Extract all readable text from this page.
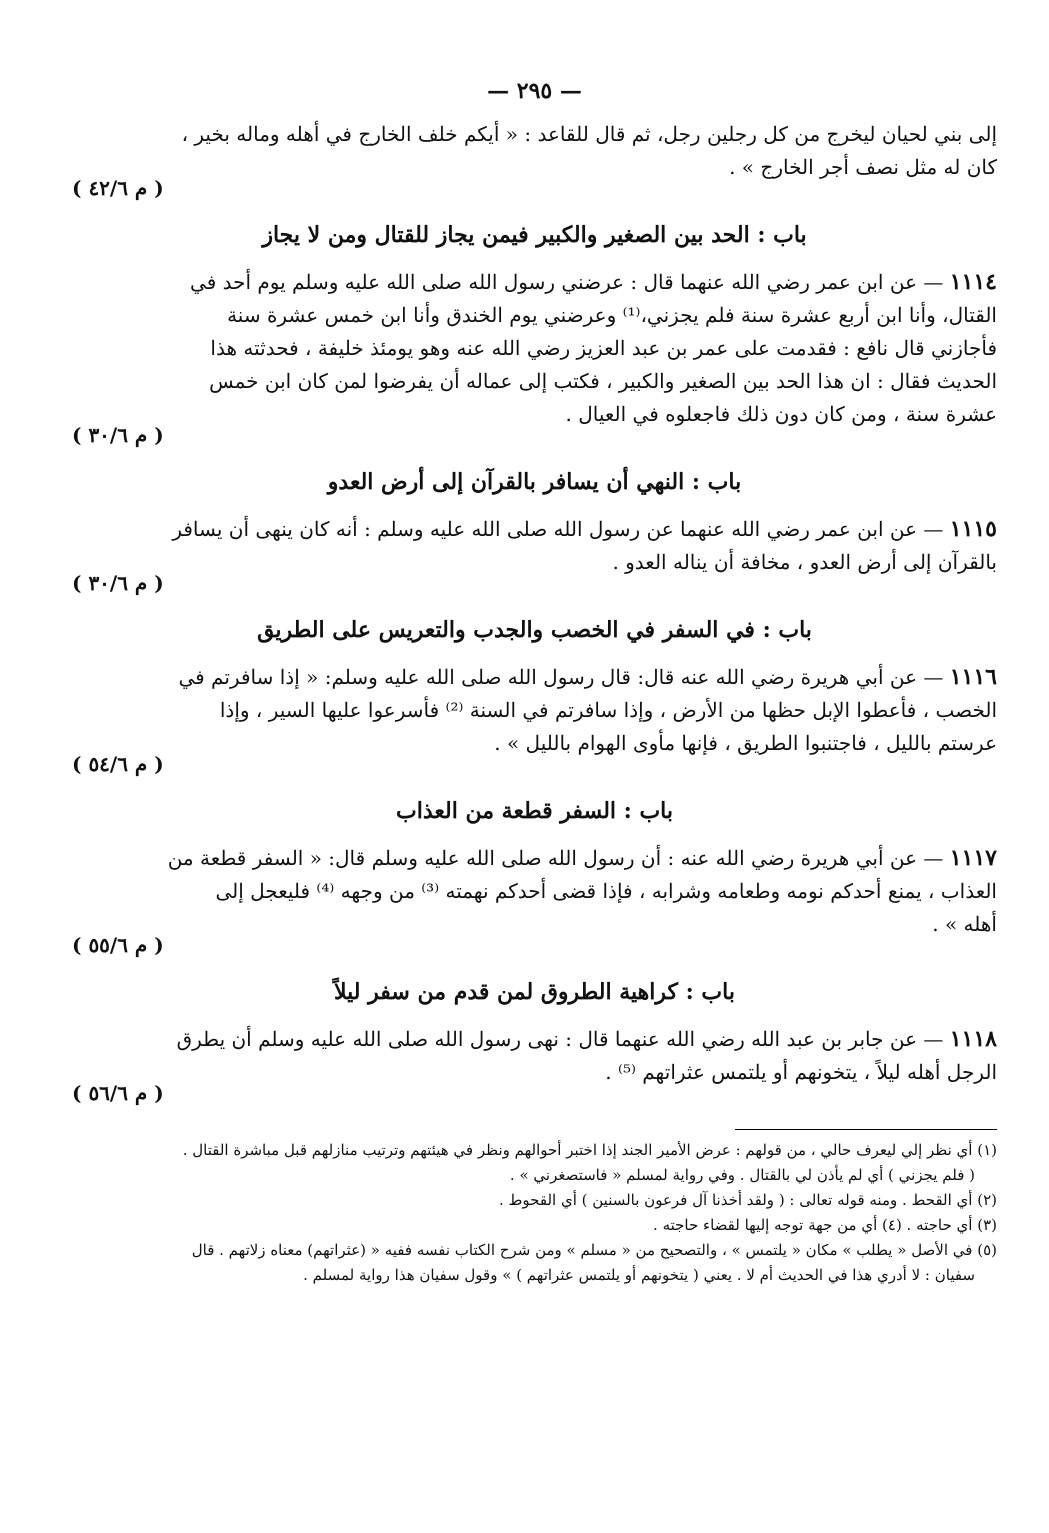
— ٢٩٥ —

إلى بني لحيان ليخرج من كل رجلين رجل، ثم قال للقاعد : « أيكم خلف الخارج في أهله وماله بخير ،

كان له مثل نصف أجر الخارج » .

( م ٤٢/٦ )
باب : الحد بين الصغير والكبير فيمن يجاز للقتال ومن لا يجاز

١١١٤ — عن ابن عمر رضي الله عنهما قال : عرضني رسول الله صلى الله عليه وسلم يوم أحد في

القتال، وأنا ابن أربع عشرة سنة فلم يجزني،⁽¹⁾ وعرضني يوم الخندق وأنا ابن خمس عشرة سنة

فأجازني قال نافع : فقدمت على عمر بن عبد العزيز رضي الله عنه وهو يومئذ خليفة ، فحدثته هذا

الحديث فقال : ان هذا الحد بين الصغير والكبير ، فكتب إلى عماله أن يفرضوا لمن كان ابن خمس

عشرة سنة ، ومن كان دون ذلك فاجعلوه في العيال .

( م ٣٠/٦ )
باب : النهي أن يسافر بالقرآن إلى أرض العدو

١١١٥ — عن ابن عمر رضي الله عنهما عن رسول الله صلى الله عليه وسلم : أنه كان ينهى أن يسافر

بالقرآن إلى أرض العدو ، مخافة أن يناله العدو .

( م ٣٠/٦ )
باب : في السفر في الخصب والجدب والتعريس على الطريق

١١١٦ — عن أبي هريرة رضي الله عنه قال: قال رسول الله صلى الله عليه وسلم: « إذا سافرتم في

الخصب ، فأعطوا الإبل حظها من الأرض ، وإذا سافرتم في السنة ⁽²⁾ فأسرعوا عليها السير ، وإذا

عرستم بالليل ، فاجتنبوا الطريق ، فإنها مأوى الهوام بالليل » .

( م ٥٤/٦ )
باب : السفر قطعة من العذاب

١١١٧ — عن أبي هريرة رضي الله عنه : أن رسول الله صلى الله عليه وسلم قال: « السفر قطعة من

العذاب ، يمنع أحدكم نومه وطعامه وشرابه ، فإذا قضى أحدكم نهمته ⁽³⁾ من وجهه ⁽⁴⁾ فليعجل إلى

أهله » .

( م ٥٥/٦ )
باب : كراهية الطروق لمن قدم من سفر ليلاً

١١١٨ — عن جابر بن عبد الله رضي الله عنهما قال : نهى رسول الله صلى الله عليه وسلم أن يطرق

الرجل أهله ليلاً ، يتخونهم أو يلتمس عثراتهم ⁽⁵⁾ .

( م ٥٦/٦ )

(١) أي نظر إلي ليعرف حالي ، من قولهم : عرض الأمير الجند إذا اختبر أحوالهم ونظر في هيئتهم وترتيب منازلهم قبل مباشرة القتال .

( فلم يجزني ) أي لم يأذن لي بالقتال . وفي رواية لمسلم « فاستصغرني » .

(٢) أي القحط . ومنه قوله تعالى : ( ولقد أخذنا آل فرعون بالسنين ) أي القحوط .

(٣) أي حاجته . (٤) أي من جهة توجه إليها لقضاء حاجته .

(٥) في الأصل « يطلب » مكان « يلتمس » ، والتصحيح من « مسلم » ومن شرح الكتاب نفسه ففيه « (عثراتهم) معناه زلاتهم . قال

سفيان : لا أدري هذا في الحديث أم لا . يعني ( يتخونهم أو يلتمس عثراتهم ) » وقول سفيان هذا رواية لمسلم .
